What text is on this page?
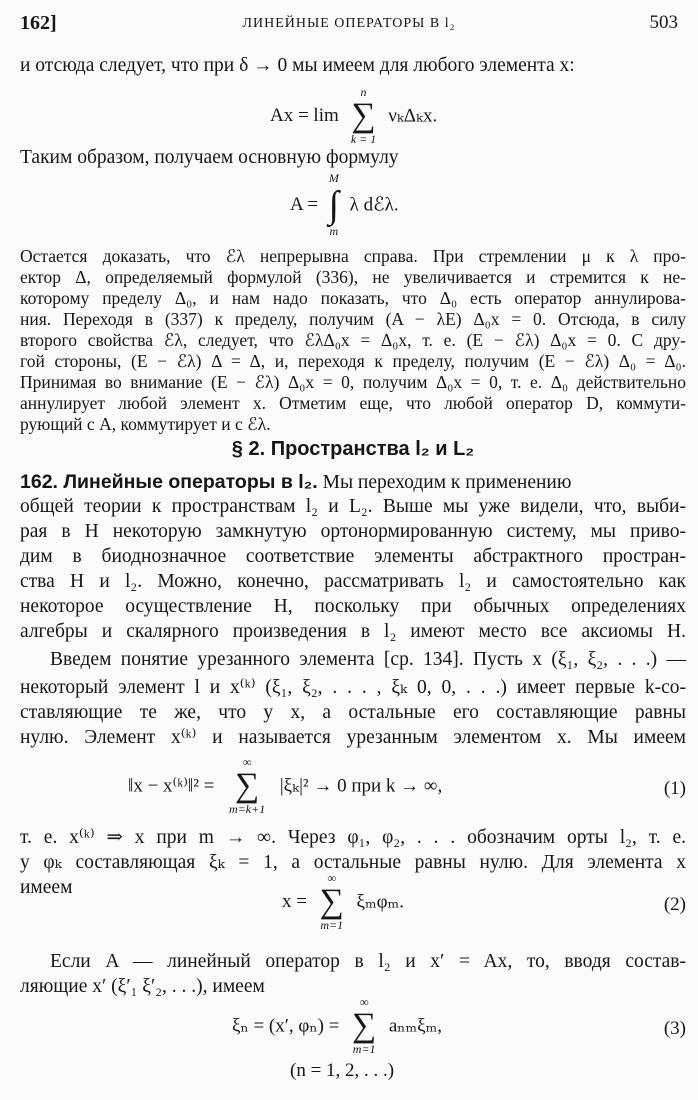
162]	ЛИНЕЙНЫЕ ОПЕРАТОРЫ В l₂	503
и отсюда следует, что при δ → 0 мы имеем для любого элемента x:
Ax = lim
n
∑
k = 1
νₖΔₖx.
Таким образом, получаем основную формулу
A =
M
∫
m
λ dℰλ.
Остается доказать, что ℰλ непрерывна справа. При стремлении μ к λ про-
ектор Δ, определяемый формулой (336), не увеличивается и стремится к не-
которому пределу Δ₀, и нам надо показать, что Δ₀ есть оператор аннулирова-
ния. Переходя в (337) к пределу, получим (A − λE) Δ₀x = 0. Отсюда, в силу
второго свойства ℰλ, следует, что ℰλΔ₀x = Δ₀x, т. е. (E − ℰλ) Δ₀x = 0. С дру-
гой стороны, (E − ℰλ) Δ = Δ, и, переходя к пределу, получим (E − ℰλ) Δ₀ = Δ₀.
Принимая во внимание (E − ℰλ) Δ₀x = 0, получим Δ₀x = 0, т. е. Δ₀ действительно
аннулирует любой элемент x. Отметим еще, что любой оператор D, коммути-
рующий с A, коммутирует и с ℰλ.
§ 2. Пространства l₂ и L₂
162. Линейные операторы в l₂. Мы переходим к применению
общей теории к пространствам l₂ и L₂. Выше мы уже видели, что, выби-
рая в H некоторую замкнутую ортонормированную систему, мы приво-
дим в биоднозначное соответствие элементы абстрактного простран-
ства H и l₂. Можно, конечно, рассматривать l₂ и самостоятельно как
некоторое осуществление H, поскольку при обычных определениях
алгебры и скалярного произведения в l₂ имеют место все аксиомы H.
Введем понятие урезанного элемента [ср. 134]. Пусть x (ξ₁, ξ₂, . . .) —
некоторый элемент l и x⁽ᵏ⁾ (ξ₁, ξ₂, . . . , ξₖ 0, 0, . . .) имеет первые k-со-
ставляющие те же, что у x, а остальные его составляющие равны
нулю. Элемент x⁽ᵏ⁾ и называется урезанным элементом x. Мы имеем
‖x − x⁽ᵏ⁾‖² =
∞
∑
m=k+1
|ξₖ|² → 0 при k → ∞,	(1)
т. е. x⁽ᵏ⁾ ⇒ x при m → ∞. Через φ₁, φ₂, . . . обозначим орты l₂, т. е.
у φₖ составляющая ξₖ = 1, а остальные равны нулю. Для элемента x
имеем
x =
∞
∑
m=1
ξₘφₘ.	(2)
Если A — линейный оператор в l₂ и x′ = Ax, то, вводя состав-
ляющие x′ (ξ′₁ ξ′₂, . . .), имеем
ξₙ = (x′, φₙ) =
∞
∑
m=1
aₙₘξₘ,	(3)
(n = 1, 2, . . .)
